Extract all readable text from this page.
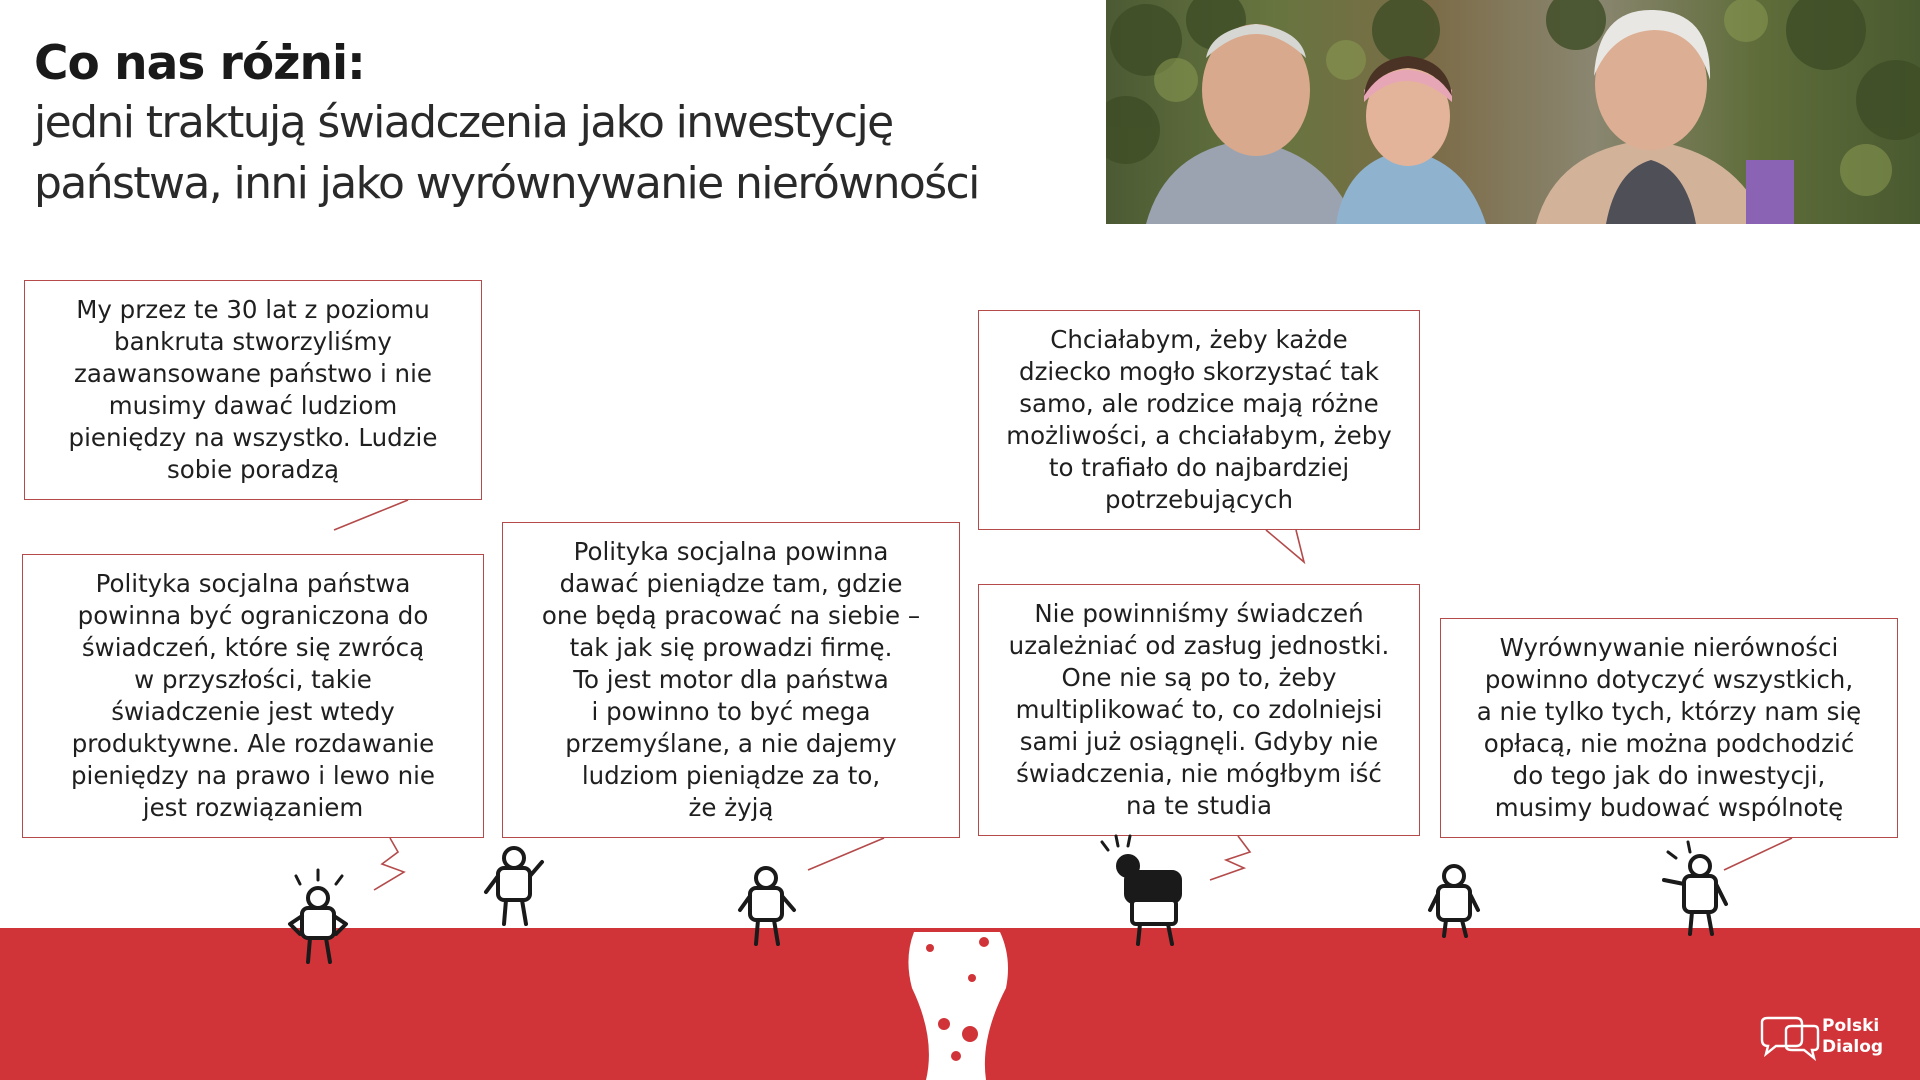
Co nas różni:
jedni traktują świadczenia jako inwestycję
państwa, inni jako wyrównywanie nierówności
My przez te 30 lat z poziomu
bankruta stworzyliśmy
zaawansowane państwo i nie
musimy dawać ludziom
pieniędzy na wszystko. Ludzie
sobie poradzą
Polityka socjalna państwa
powinna być ograniczona do
świadczeń, które się zwrócą
w przyszłości, takie
świadczenie jest wtedy
produktywne. Ale rozdawanie
pieniędzy na prawo i lewo nie
jest rozwiązaniem
Polityka socjalna powinna
dawać pieniądze tam, gdzie
one będą pracować na siebie –
tak jak się prowadzi firmę.
To jest motor dla państwa
i powinno to być mega
przemyślane, a nie dajemy
ludziom pieniądze za to,
że żyją
Chciałabym, żeby każde
dziecko mogło skorzystać tak
samo, ale rodzice mają różne
możliwości, a chciałabym, żeby
to trafiało do najbardziej
potrzebujących
Nie powinniśmy świadczeń
uzależniać od zasług jednostki.
One nie są po to, żeby
multiplikować to, co zdolniejsi
sami już osiągnęli. Gdyby nie
świadczenia, nie mógłbym iść
na te studia
Wyrównywanie nierówności
powinno dotyczyć wszystkich,
a nie tylko tych, którzy nam się
opłacą, nie można podchodzić
do tego jak do inwestycji,
musimy budować wspólnotę
Polski
Dialog
